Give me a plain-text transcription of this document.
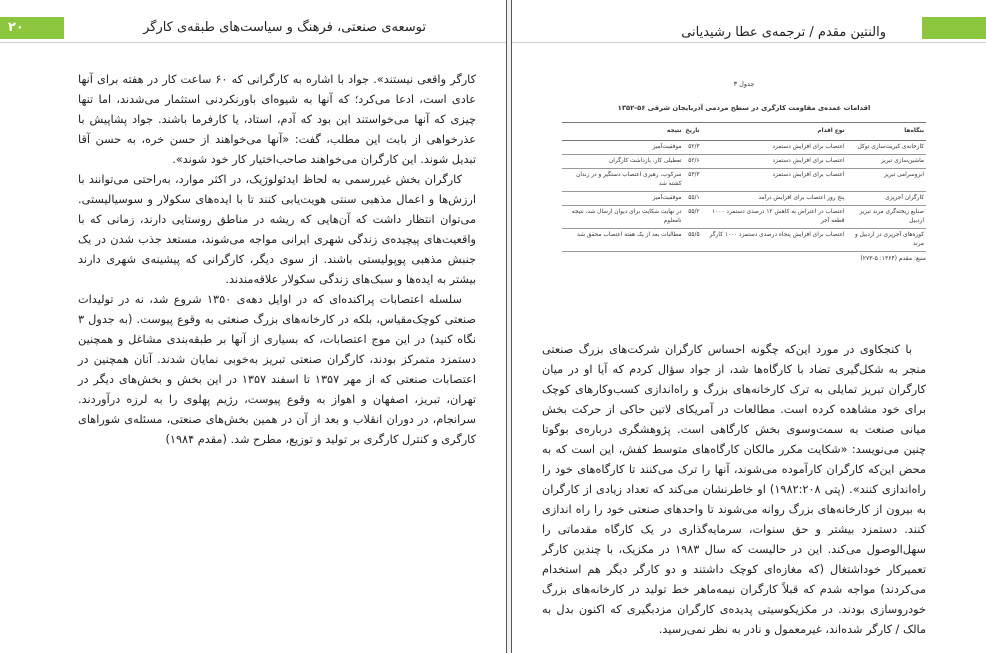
۲۰	توسعه‌ی صنعتی، فرهنگ و سیاست‌های طبقه‌ی کارگر

کارگر واقعی نیستند». جواد با اشاره به کارگرانی که ۶۰ ساعت کار در هفته برای آنها عادی است، ادعا می‌کرد؛ که آنها به شیوه‌ای باورنکردنی استثمار می‌شدند، اما تنها چیزی که آنها می‌خواستند این بود که آدم، استاد، یا کارفرما باشند. جواد پشاپیش با عذرخواهی از بابت این مطلب، گفت: «آنها می‌خواهند از حسن خره، به حسن آقا تبدیل شوند. این کارگران می‌خواهند صاحب‌اختیار کار خود شوند».

کارگران بخش غیررسمی به لحاظ ایدئولوژیک، در اکثر موارد، به‌راحتی می‌توانند با ارزش‌ها و اعمال مذهبی سنتی هویت‌یابی کنند تا با ایده‌های سکولار و سوسیالیستی. می‌توان انتظار داشت که آن‌هایی که ریشه در مناطق روستایی دارند، زمانی که با واقعیت‌های پیچیده‌ی زندگی شهری ایرانی مواجه می‌شوند، مستعد جذب شدن در یک جنبش مذهبی پوپولیستی باشند. از سوی دیگر، کارگرانی که پیشینه‌ی شهری دارند بیشتر به ایده‌ها و سبک‌های زندگی سکولار علاقه‌مندند.

سلسله اعتصابات پراکنده‌ای که در اوایل دهه‌ی ۱۳۵۰ شروع شد، نه در تولیدات صنعتی کوچک‌مقیاس، بلکه در کارخانه‌های بزرگ صنعتی به وقوع پیوست. (به جدول ۳ نگاه کنید) در این موج اعتصابات، که بسیاری از آنها بر طبقه‌بندی مشاغل و همچنین دستمزد متمرکز بودند، کارگران صنعتی تبریز به‌خوبی نمایان شدند. آنان همچنین در اعتصابات صنعتی که از مهر ۱۳۵۷ تا اسفند ۱۳۵۷ در این بخش و بخش‌های دیگر در تهران، تبریز، اصفهان و اهواز به وقوع پیوست، رژیم پهلوی را به لرزه درآوردند. سرانجام، در دوران انقلاب و بعد از آن در همین بخش‌های صنعتی، مسئله‌ی شوراهای کارگری و کنترل کارگری بر تولید و توزیع، مطرح شد. (مقدم ۱۹۸۴)

والنتین مقدم / ترجمه‌ی عطا رشیدیانی
جدول ۳
اقدامات عمده‌ی مقاومت کارگری در سطح مردمی آذربایجان شرقی ۵۶-۱۳۵۲
بنگاه‌ها	نوع اقدام	تاریخ	نتیجه
کارخانه‌ی کبریت‌سازی توکل	اعتصاب برای افزایش دستمزد	۵۲/۳	موفقیت‌آمیز
ماشین‌سازی تبریز	اعتصاب برای افزایش دستمزد	۵۲/۶	تعطیلی کار، بازداشت کارگران
ابزوسرامی تبریز	اعتصاب برای افزایش دستمزد	۵۳/۳	سرکوب، رهبری اعتصاب دستگیر و در زندان کشته شد
کارگران آجرپزی	پنج روز اعتصاب برای افزایش درآمد	۵۵/۱	موفقیت‌آمیز
صنایع ریخته‌گری مرند تبریز اردبیل	اعتصاب در اعتراض به کاهش ۱۲ درصدی دستمزد ۱۰۰۰ قطعه آجر	۵۵/۲	در نهایت شکایت برای دیوان ارسال شد، نتیجه نامعلوم
کوره‌های آجرپزی در اردبیل و مرند	اعتصاب برای افزایش پنجاه درصدی دستمزد ۱۰۰۰ کارگر	۵۵/۵	مطالبات بعد از یک هفته اعتصاب محقق شد
منبع: مقدم (۱۳۶۴: ۵-۲۷۳)

با کنجکاوی در مورد این‌که چگونه احساس کارگران شرکت‌های بزرگ صنعتی منجر به شکل‌گیری تضاد با کارگاه‌ها شد، از جواد سؤال کردم که آیا او در میان کارگران تبریز تمایلی به ترک کارخانه‌های بزرگ و راه‌اندازی کسب‌وکارهای کوچک برای خود مشاهده کرده است. مطالعات در آمریکای لاتین حاکی از حرکت بخش میانی صنعت به سمت‌وسوی بخش کارگاهی است. پژوهشگری درباره‌ی بوگوتا چنین می‌نویسد: «شکایت مکرر مالکان کارگاه‌های متوسط کفش، این است که به محض این‌که کارگران کارآموده می‌شوند، آنها را ترک می‌کنند تا کارگاه‌های خود را راه‌اندازی کنند». (پتی ۱۹۸۲:۲۰۸) او خاطرنشان می‌کند که تعداد زیادی از کارگران به بیرون از کارخانه‌های بزرگ روانه می‌شوند تا واحدهای صنعتی خود را راه اندازی کنند. دستمزد بیشتر و حق سنوات، سرمایه‌گذاری در یک کارگاه مقدماتی را سهل‌الوصول می‌کند. این در حالیست که سال ۱۹۸۳ در مکزیک، با چندین کارگر تعمیرکار خوداشتغال (که مغازه‌ای کوچک داشتند و دو کارگر دیگر هم استخدام می‌کردند) مواجه شدم که قبلاً کارگران نیمه‌ماهر خط تولید در کارخانه‌های بزرگ خودروسازی بودند. در مکزیکوسیتی پدیده‌ی کارگران مزدبگیری که اکنون بدل به مالک / کارگر شده‌اند، غیرمعمول و نادر به نظر نمی‌رسید.
